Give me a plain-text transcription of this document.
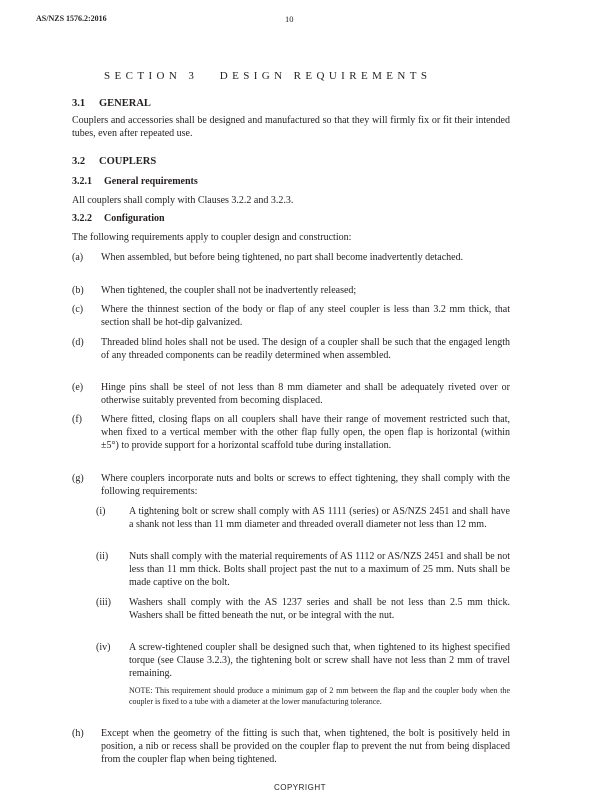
AS/NZS 1576.2:2016	10
SECTION 3   DESIGN REQUIREMENTS
3.1 GENERAL
Couplers and accessories shall be designed and manufactured so that they will firmly fix or fit their intended tubes, even after repeated use.
3.2 COUPLERS
3.2.1 General requirements
All couplers shall comply with Clauses 3.2.2 and 3.2.3.
3.2.2 Configuration
The following requirements apply to coupler design and construction:
(a) When assembled, but before being tightened, no part shall become inadvertently detached.
(b) When tightened, the coupler shall not be inadvertently released;
(c) Where the thinnest section of the body or flap of any steel coupler is less than 3.2 mm thick, that section shall be hot-dip galvanized.
(d) Threaded blind holes shall not be used. The design of a coupler shall be such that the engaged length of any threaded components can be readily determined when assembled.
(e) Hinge pins shall be steel of not less than 8 mm diameter and shall be adequately riveted over or otherwise suitably prevented from becoming displaced.
(f) Where fitted, closing flaps on all couplers shall have their range of movement restricted such that, when fixed to a vertical member with the other flap fully open, the open flap is horizontal (within ±5°) to provide support for a horizontal scaffold tube during installation.
(g) Where couplers incorporate nuts and bolts or screws to effect tightening, they shall comply with the following requirements:
(i) A tightening bolt or screw shall comply with AS 1111 (series) or AS/NZS 2451 and shall have a shank not less than 11 mm diameter and threaded overall diameter not less than 12 mm.
(ii) Nuts shall comply with the material requirements of AS 1112 or AS/NZS 2451 and shall be not less than 11 mm thick. Bolts shall project past the nut to a maximum of 25 mm. Nuts shall be made captive on the bolt.
(iii) Washers shall comply with the AS 1237 series and shall be not less than 2.5 mm thick. Washers shall be fitted beneath the nut, or be integral with the nut.
(iv) A screw-tightened coupler shall be designed such that, when tightened to its highest specified torque (see Clause 3.2.3), the tightening bolt or screw shall have not less than 2 mm of travel remaining.
NOTE: This requirement should produce a minimum gap of 2 mm between the flap and the coupler body when the coupler is fixed to a tube with a diameter at the lower manufacturing tolerance.
(h) Except when the geometry of the fitting is such that, when tightened, the bolt is positively held in position, a nib or recess shall be provided on the coupler flap to prevent the nut from being displaced from the coupler flap when being tightened.
COPYRIGHT
